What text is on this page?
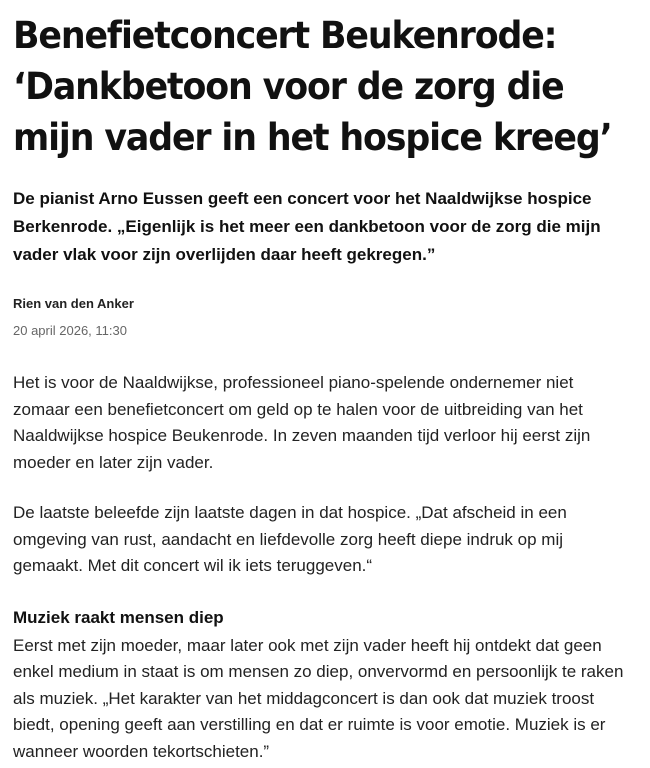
Benefietconcert Beukenrode: ‘Dankbetoon voor de zorg die mijn vader in het hospice kreeg’

De pianist Arno Eussen geeft een concert voor het Naaldwijkse hospice Berkenrode. „Eigenlijk is het meer een dankbetoon voor de zorg die mijn vader vlak voor zijn overlijden daar heeft gekregen.”

Rien van den Anker
20 april 2026, 11:30

Het is voor de Naaldwijkse, professioneel piano-spelende ondernemer niet zomaar een benefietconcert om geld op te halen voor de uitbreiding van het Naaldwijkse hospice Beukenrode. In zeven maanden tijd verloor hij eerst zijn moeder en later zijn vader.

De laatste beleefde zijn laatste dagen in dat hospice. „Dat afscheid in een omgeving van rust, aandacht en liefdevolle zorg heeft diepe indruk op mij gemaakt. Met dit concert wil ik iets teruggeven.“

Muziek raakt mensen diep

Eerst met zijn moeder, maar later ook met zijn vader heeft hij ontdekt dat geen enkel medium in staat is om mensen zo diep, onvervormd en persoonlijk te raken als muziek. „Het karakter van het middagconcert is dan ook dat muziek troost biedt, opening geeft aan verstilling en dat er ruimte is voor emotie. Muziek is er wanneer woorden tekortschieten.”
